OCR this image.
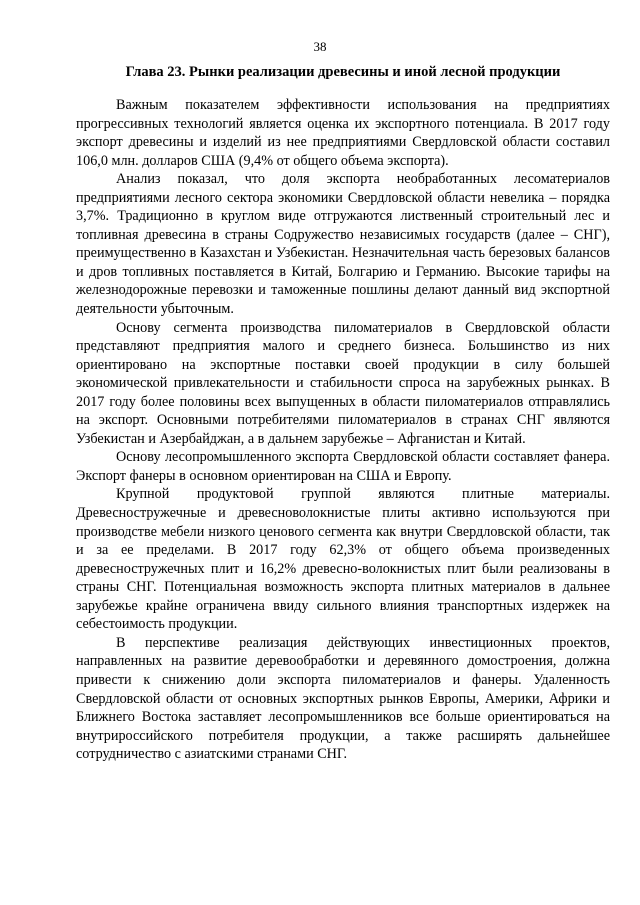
38
Глава 23. Рынки реализации древесины и иной лесной продукции

Важным показателем эффективности использования на предприятиях прогрессивных технологий является оценка их экспортного потенциала. В 2017 году экспорт древесины и изделий из нее предприятиями Свердловской области составил 106,0 млн. долларов США (9,4% от общего объема экспорта).

Анализ показал, что доля экспорта необработанных лесоматериалов предприятиями лесного сектора экономики Свердловской области невелика – порядка 3,7%. Традиционно в круглом виде отгружаются лиственный строительный лес и топливная древесина в страны Содружество независимых государств (далее – СНГ), преимущественно в Казахстан и Узбекистан. Незначительная часть березовых балансов и дров топливных поставляется в Китай, Болгарию и Германию. Высокие тарифы на железнодорожные перевозки и таможенные пошлины делают данный вид экспортной деятельности убыточным.

Основу сегмента производства пиломатериалов в Свердловской области представляют предприятия малого и среднего бизнеса. Большинство из них ориентировано на экспортные поставки своей продукции в силу большей экономической привлекательности и стабильности спроса на зарубежных рынках. В 2017 году более половины всех выпущенных в области пиломатериалов отправлялись на экспорт. Основными потребителями пиломатериалов в странах СНГ являются Узбекистан и Азербайджан, а в дальнем зарубежье – Афганистан и Китай.

Основу лесопромышленного экспорта Свердловской области составляет фанера. Экспорт фанеры в основном ориентирован на США и Европу.

Крупной продуктовой группой являются плитные материалы. Древесностружечные и древесноволокнистые плиты активно используются при производстве мебели низкого ценового сегмента как внутри Свердловской области, так и за ее пределами. В 2017 году 62,3% от общего объема произведенных древесностружечных плит и 16,2% древесно-волокнистых плит были реализованы в страны СНГ. Потенциальная возможность экспорта плитных материалов в дальнее зарубежье крайне ограничена ввиду сильного влияния транспортных издержек на себестоимость продукции.

В перспективе реализация действующих инвестиционных проектов, направленных на развитие деревообработки и деревянного домостроения, должна привести к снижению доли экспорта пиломатериалов и фанеры. Удаленность Свердловской области от основных экспортных рынков Европы, Америки, Африки и Ближнего Востока заставляет лесопромышленников все больше ориентироваться на внутрироссийского потребителя продукции, а также расширять дальнейшее сотрудничество с азиатскими странами СНГ.
